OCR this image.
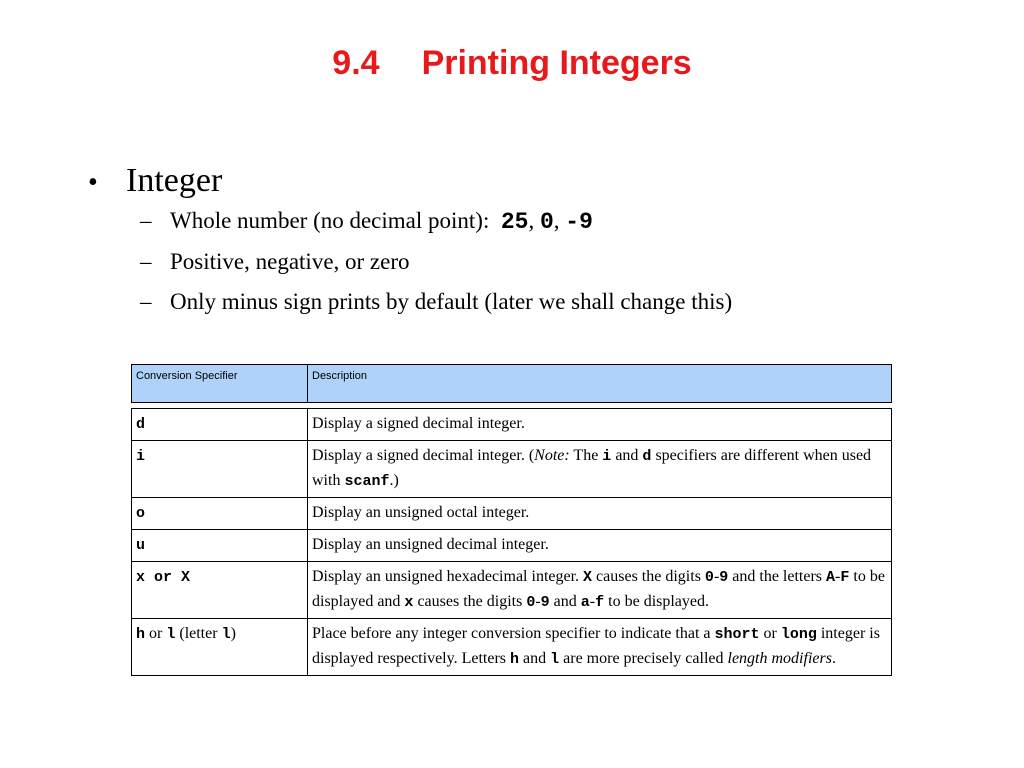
9.4 Printing Integers
• Integer
– Whole number (no decimal point): 25, 0, -9
– Positive, negative, or zero
– Only minus sign prints by default (later we shall change this)
Conversion Specifier	Description

d	Display a signed decimal integer.
i	Display a signed decimal integer. (Note: The i and d specifiers are different when used with scanf.)
o	Display an unsigned octal integer.
u	Display an unsigned decimal integer.
x or X	Display an unsigned hexadecimal integer. X causes the digits 0-9 and the letters A-F to be displayed and x causes the digits 0-9 and a-f to be displayed.
h or l (letter l)	Place before any integer conversion specifier to indicate that a short or long integer is displayed respectively. Letters h and l are more precisely called length modifiers.
